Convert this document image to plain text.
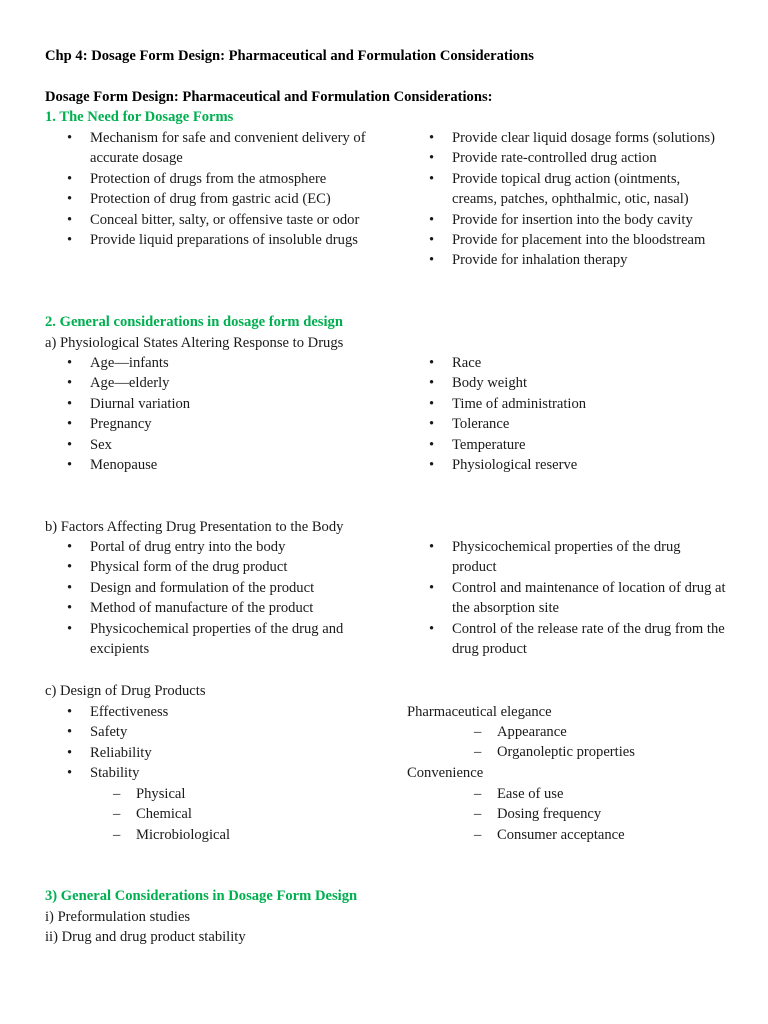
Chp 4: Dosage Form Design: Pharmaceutical and Formulation Considerations
Dosage Form Design: Pharmaceutical and Formulation Considerations:
1. The Need for Dosage Forms
• Mechanism for safe and convenient delivery of accurate dosage
• Protection of drugs from the atmosphere
• Protection of drug from gastric acid (EC)
• Conceal bitter, salty, or offensive taste or odor
• Provide liquid preparations of insoluble drugs
• Provide clear liquid dosage forms (solutions)
• Provide rate-controlled drug action
• Provide topical drug action (ointments, creams, patches, ophthalmic, otic, nasal)
• Provide for insertion into the body cavity
• Provide for placement into the bloodstream
• Provide for inhalation therapy
2. General considerations in dosage form design
a) Physiological States Altering Response to Drugs
• Age—infants
• Age—elderly
• Diurnal variation
• Pregnancy
• Sex
• Menopause
• Race
• Body weight
• Time of administration
• Tolerance
• Temperature
• Physiological reserve
b) Factors Affecting Drug Presentation to the Body
• Portal of drug entry into the body
• Physical form of the drug product
• Design and formulation of the product
• Method of manufacture of the product
• Physicochemical properties of the drug and excipients
• Physicochemical properties of the drug product
• Control and maintenance of location of drug at the absorption site
• Control of the release rate of the drug from the drug product
c) Design of Drug Products
• Effectiveness
• Safety
• Reliability
• Stability
– Physical
– Chemical
– Microbiological
Pharmaceutical elegance
– Appearance
– Organoleptic properties
Convenience
– Ease of use
– Dosing frequency
– Consumer acceptance
3) General Considerations in Dosage Form Design
i) Preformulation studies
ii) Drug and drug product stability
